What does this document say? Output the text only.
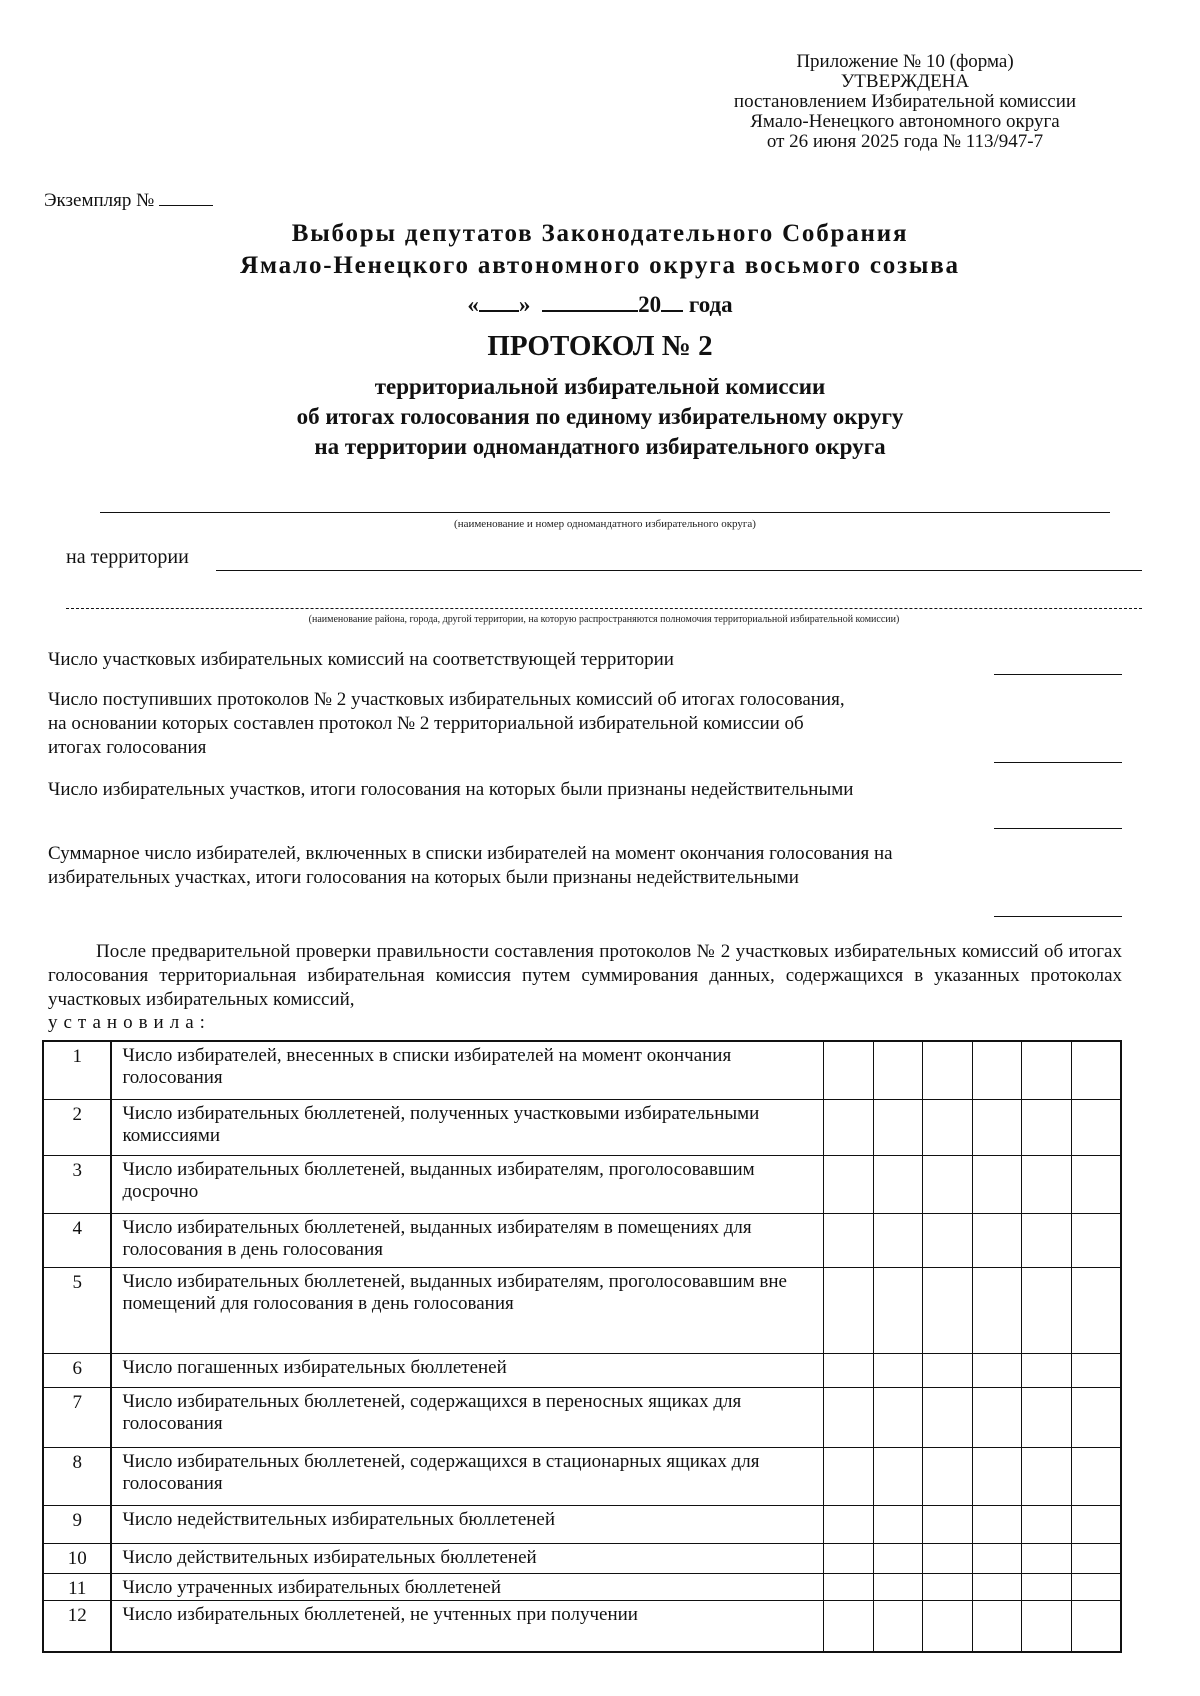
Приложение № 10 (форма)
УТВЕРЖДЕНА
постановлением Избирательной комиссии
Ямало-Ненецкого автономного округа
от 26 июня 2025 года № 113/947-7
Экземпляр №
Выборы депутатов Законодательного Собрания
Ямало-Ненецкого автономного округа восьмого созыва
« »	20 года
ПРОТОКОЛ № 2
территориальной избирательной комиссии
об итогах голосования по единому избирательному округу
на территории одномандатного избирательного округа
(наименование и номер одномандатного избирательного округа)
на территории
(наименование района, города, другой территории, на которую распространяются полномочия территориальной избирательной комиссии)
Число участковых избирательных комиссий на соответствующей территории
Число поступивших протоколов № 2 участковых избирательных комиссий об итогах голосования, на основании которых составлен протокол № 2 территориальной избирательной комиссии об итогах голосования
Число избирательных участков, итоги голосования на которых были признаны недействительными
Суммарное число избирателей, включенных в списки избирателей на момент окончания голосования на избирательных участках, итоги голосования на которых были признаны недействительными
После предварительной проверки правильности составления протоколов № 2 участковых избирательных комиссий об итогах голосования территориальная избирательная комиссия путем суммирования данных, содержащихся в указанных протоколах участковых избирательных комиссий,
установила:
1	Число избирателей, внесенных в списки избирателей на момент окончания голосования						
2	Число избирательных бюллетеней, полученных участковыми избирательными комиссиями						
3	Число избирательных бюллетеней, выданных избирателям, проголосовавшим досрочно						
4	Число избирательных бюллетеней, выданных избирателям в помещениях для голосования в день голосования						
5	Число избирательных бюллетеней, выданных избирателям, проголосовавшим вне помещений для голосования в день голосования						
6	Число погашенных избирательных бюллетеней						
7	Число избирательных бюллетеней, содержащихся в переносных ящиках для голосования						
8	Число избирательных бюллетеней, содержащихся в стационарных ящиках для голосования						
9	Число недействительных избирательных бюллетеней						
10	Число действительных избирательных бюллетеней						
11	Число утраченных избирательных бюллетеней						
12	Число избирательных бюллетеней, не учтенных при получении						
